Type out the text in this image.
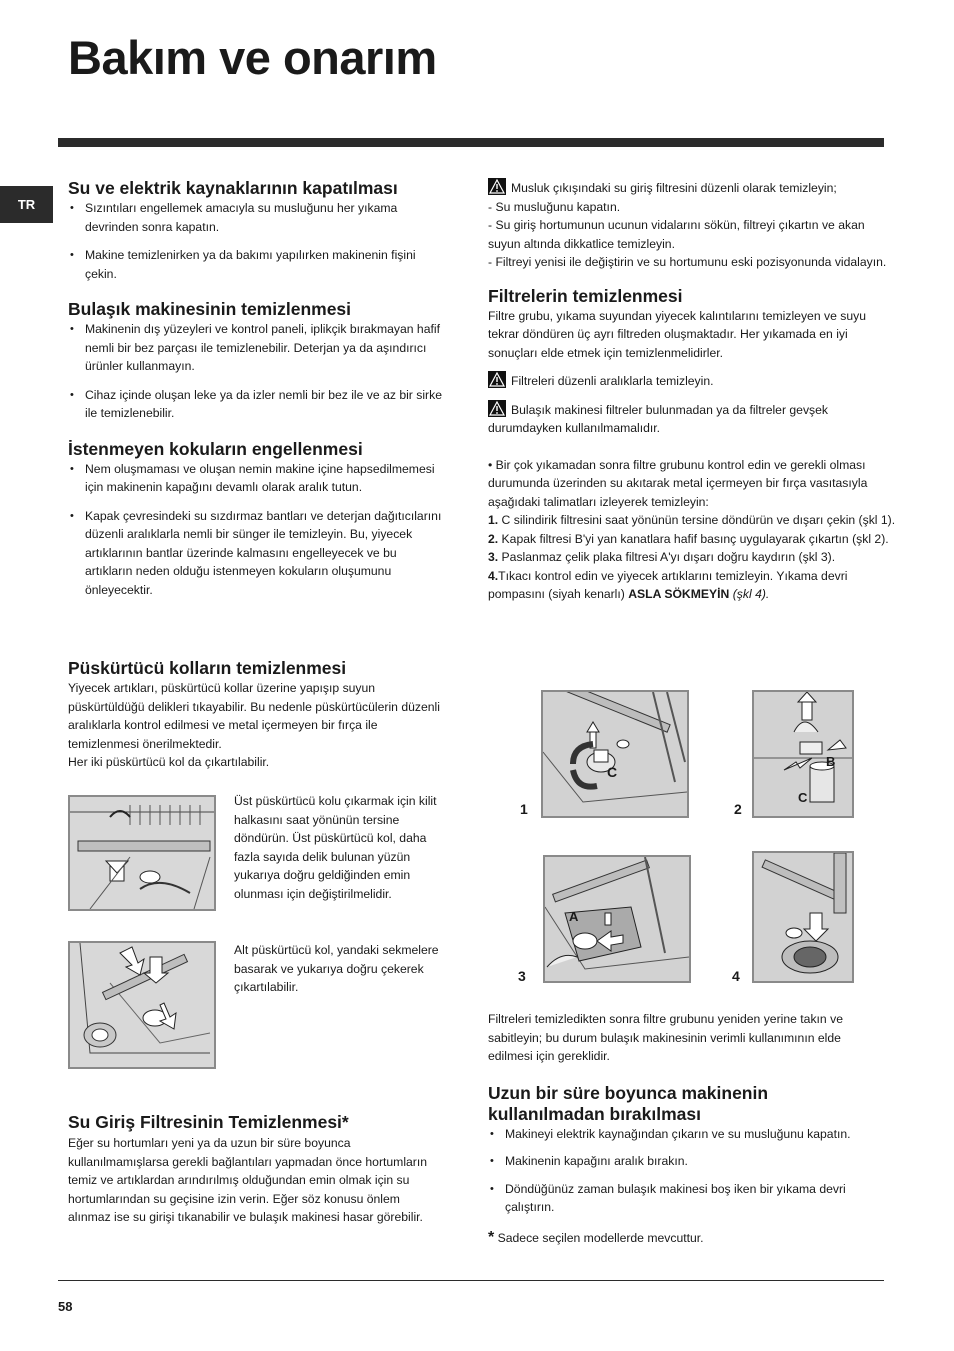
Bakım ve onarım
TR
Su ve elektrik kaynaklarının kapatılması
• Sızıntıları engellemek amacıyla su musluğunu her yıkama devrinden sonra kapatın.
• Makine temizlenirken ya da bakımı yapılırken makinenin fişini çekin.
Bulaşık makinesinin temizlenmesi
• Makinenin dış yüzeyleri ve kontrol paneli, iplikçik bırakmayan hafif nemli bir bez parçası ile temizlenebilir. Deterjan ya da aşındırıcı ürünler kullanmayın.
• Cihaz içinde oluşan leke ya da izler nemli bir bez ile ve az bir sirke ile temizlenebilir.
İstenmeyen kokuların engellenmesi
• Nem oluşmaması ve oluşan nemin makine içine hapsedilmemesi için makinenin kapağını devamlı olarak aralık tutun.
• Kapak çevresindeki su sızdırmaz bantları ve deterjan dağıtıcılarını düzenli aralıklarla nemli bir sünger ile temizleyin. Bu, yiyecek artıklarının bantlar üzerinde kalmasını engelleyecek ve bu artıkların neden olduğu istenmeyen kokuların oluşumunu önleyecektir.
Püskürtücü kolların temizlenmesi

Yiyecek artıkları, püskürtücü kollar üzerine yapışıp suyun püskürtüldüğü delikleri tıkayabilir. Bu nedenle püskürtücülerin düzenli aralıklarla kontrol edilmesi ve metal içermeyen bir fırça ile temizlenmesi önerilmektedir.

Her iki püskürtücü kol da çıkartılabilir.

Üst püskürtücü kolu çıkarmak için kilit halkasını saat yönünün tersine döndürün. Üst püskürtücü kol, daha fazla sayıda delik bulunan yüzün yukarıya doğru geldiğinden emin olunması için değiştirilmelidir.
Alt püskürtücü kol, yandaki sekmelere basarak ve yukarıya doğru çekerek çıkartılabilir.
Su Giriş Filtresinin Temizlenmesi*

Eğer su hortumları yeni ya da uzun bir süre boyunca kullanılmamışlarsa gerekli bağlantıları yapmadan önce hortumların temiz ve artıklardan arındırılmış olduğundan emin olmak için su hortumlarından su geçisine izin verin. Eğer söz konusu önlem alınmaz ise su girişi tıkanabilir ve bulaşık makinesi hasar görebilir.

Musluk çıkışındaki su giriş filtresini düzenli olarak temizleyin;
- Su musluğunu kapatın.
- Su giriş hortumunun ucunun vidalarını sökün, filtreyi çıkartın ve akan suyun altında dikkatlice temizleyin.
- Filtreyi yenisi ile değiştirin ve su hortumunu eski pozisyonunda vidalayın.
Filtrelerin temizlenmesi

Filtre grubu, yıkama suyundan yiyecek kalıntılarını temizleyen ve suyu tekrar döndüren üç ayrı filtreden oluşmaktadır. Her yıkamada en iyi sonuçları elde etmek için temizlenmelidirler.

Filtreleri düzenli aralıklarla temizleyin.
Bulaşık makinesi filtreler bulunmadan ya da filtreler gevşek durumdayken kullanılmamalıdır.

• Bir çok yıkamadan sonra filtre grubunu kontrol edin ve gerekli olması durumunda üzerinden su akıtarak metal içermeyen bir fırça vasıtasıyla aşağıdaki talimatları izleyerek temizleyin:

1. C silindirik filtresini saat yönünün tersine döndürün ve dışarı çekin (şkl 1).

2. Kapak filtresi B'yi yan kanatlara hafif basınç uygulayarak çıkartın (şkl 2).

3. Paslanmaz çelik plaka filtresi A'yı dışarı doğru kaydırın (şkl 3).

4.Tıkacı kontrol edin ve yiyecek artıklarını temizleyin. Yıkama devri pompasını (siyah kenarlı) ASLA SÖKMEYİN (şkl 4).

C
B
C
1	2
A
3	4

Filtreleri temizledikten sonra filtre grubunu yeniden yerine takın ve sabitleyin; bu durum bulaşık makinesinin verimli kullanımının elde edilmesi için gereklidir.

Uzun bir süre boyunca makinenin kullanılmadan bırakılması
• Makineyi elektrik kaynağından çıkarın ve su musluğunu kapatın.
• Makinenin kapağını aralık bırakın.
• Döndüğünüz zaman bulaşık makinesi boş iken bir yıkama devri çalıştırın.
* Sadece seçilen modellerde mevcuttur.
58
